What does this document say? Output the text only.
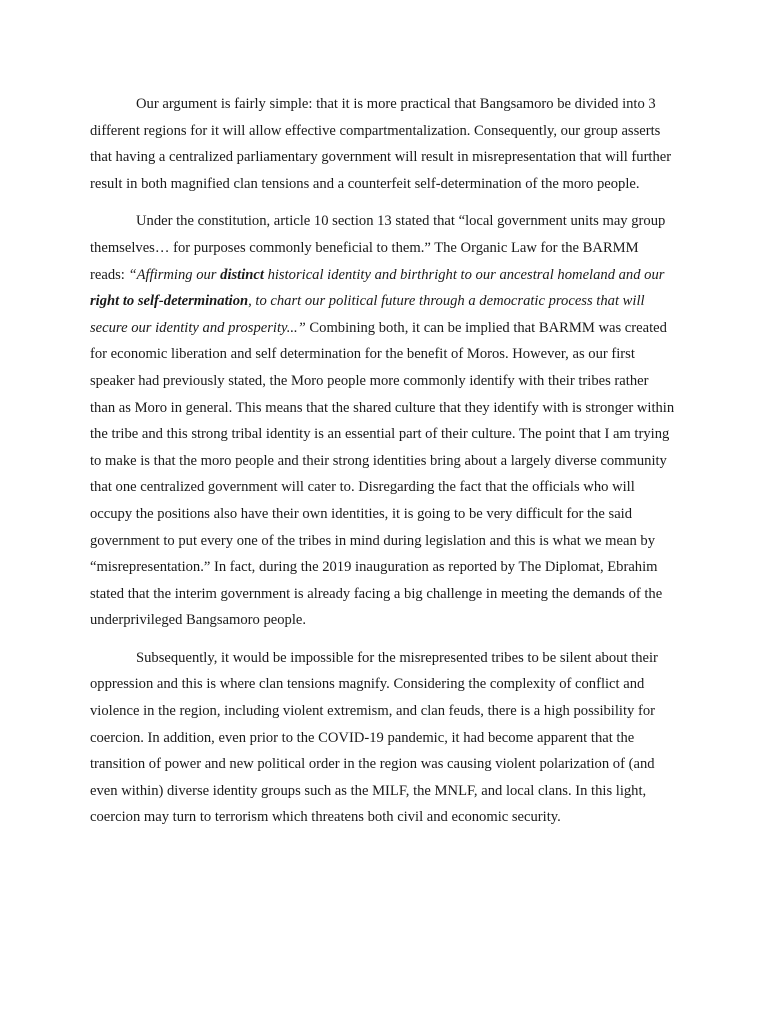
Our argument is fairly simple: that it is more practical that Bangsamoro be divided into 3 different regions for it will allow effective compartmentalization. Consequently, our group asserts that having a centralized parliamentary government will result in misrepresentation that will further result in both magnified clan tensions and a counterfeit self-determination of the moro people.

Under the constitution, article 10 section 13 stated that “local government units may group themselves… for purposes commonly beneficial to them.” The Organic Law for the BARMM reads: “Affirming our distinct historical identity and birthright to our ancestral homeland and our right to self-determination, to chart our political future through a democratic process that will secure our identity and prosperity...” Combining both, it can be implied that BARMM was created for economic liberation and self determination for the benefit of Moros. However, as our first speaker had previously stated, the Moro people more commonly identify with their tribes rather than as Moro in general. This means that the shared culture that they identify with is stronger within the tribe and this strong tribal identity is an essential part of their culture. The point that I am trying to make is that the moro people and their strong identities bring about a largely diverse community that one centralized government will cater to. Disregarding the fact that the officials who will occupy the positions also have their own identities, it is going to be very difficult for the said government to put every one of the tribes in mind during legislation and this is what we mean by “misrepresentation.” In fact, during the 2019 inauguration as reported by The Diplomat, Ebrahim stated that the interim government is already facing a big challenge in meeting the demands of the underprivileged Bangsamoro people.

Subsequently, it would be impossible for the misrepresented tribes to be silent about their oppression and this is where clan tensions magnify. Considering the complexity of conflict and violence in the region, including violent extremism, and clan feuds, there is a high possibility for coercion. In addition, even prior to the COVID-19 pandemic, it had become apparent that the transition of power and new political order in the region was causing violent polarization of (and even within) diverse identity groups such as the MILF, the MNLF, and local clans. In this light, coercion may turn to terrorism which threatens both civil and economic security.
